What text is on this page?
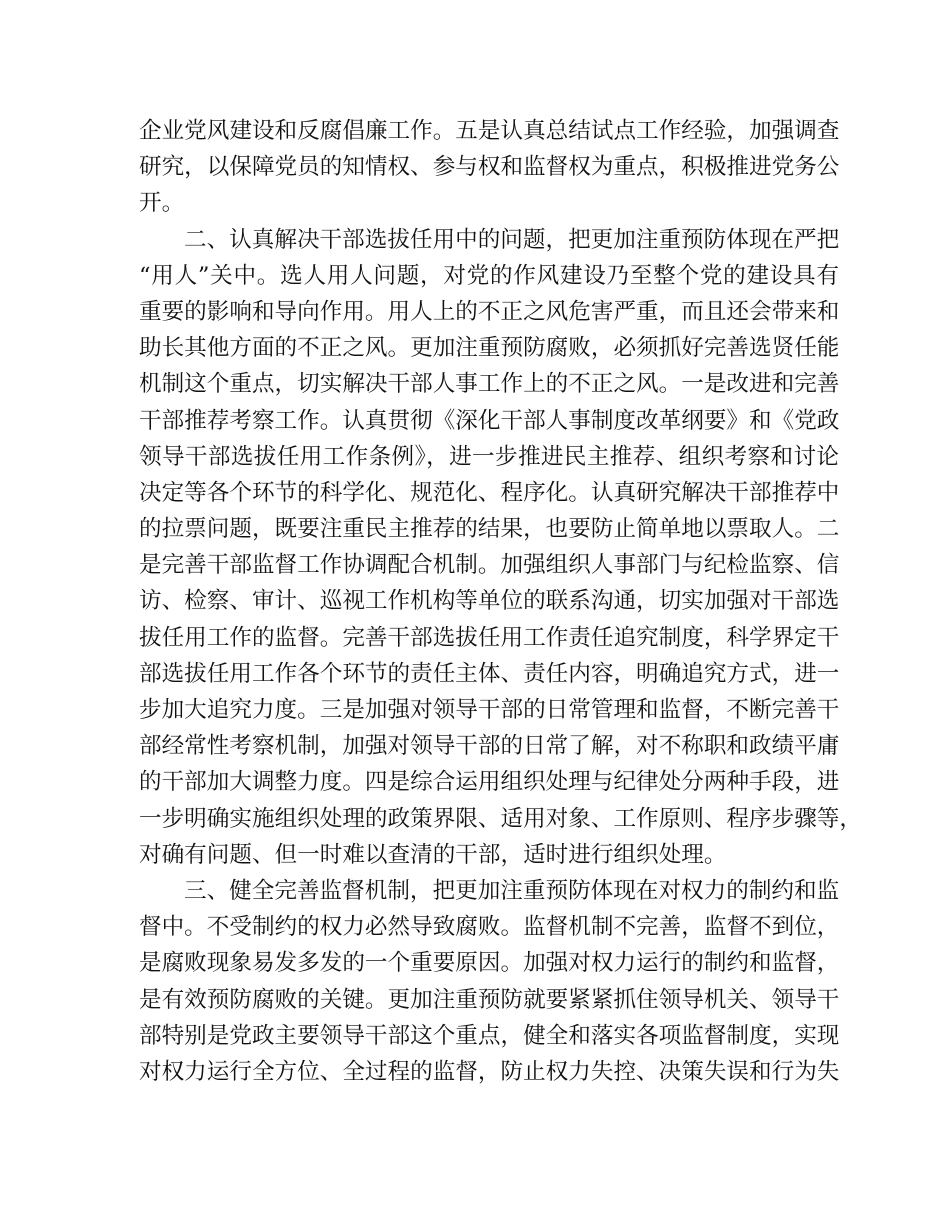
企业党风建设和反腐倡廉工作。五是认真总结试点工作经验，加强调查
研究，以保障党员的知情权、参与权和监督权为重点，积极推进党务公
开。
二、认真解决干部选拔任用中的问题，把更加注重预防体现在严把
“用人”关中。选人用人问题，对党的作风建设乃至整个党的建设具有
重要的影响和导向作用。用人上的不正之风危害严重，而且还会带来和
助长其他方面的不正之风。更加注重预防腐败，必须抓好完善选贤任能
机制这个重点，切实解决干部人事工作上的不正之风。一是改进和完善
干部推荐考察工作。认真贯彻《深化干部人事制度改革纲要》和《党政
领导干部选拔任用工作条例》，进一步推进民主推荐、组织考察和讨论
决定等各个环节的科学化、规范化、程序化。认真研究解决干部推荐中
的拉票问题，既要注重民主推荐的结果，也要防止简单地以票取人。二
是完善干部监督工作协调配合机制。加强组织人事部门与纪检监察、信
访、检察、审计、巡视工作机构等单位的联系沟通，切实加强对干部选
拔任用工作的监督。完善干部选拔任用工作责任追究制度，科学界定干
部选拔任用工作各个环节的责任主体、责任内容，明确追究方式，进一
步加大追究力度。三是加强对领导干部的日常管理和监督，不断完善干
部经常性考察机制，加强对领导干部的日常了解，对不称职和政绩平庸
的干部加大调整力度。四是综合运用组织处理与纪律处分两种手段，进
一步明确实施组织处理的政策界限、适用对象、工作原则、程序步骤等，
对确有问题、但一时难以查清的干部，适时进行组织处理。
三、健全完善监督机制，把更加注重预防体现在对权力的制约和监
督中。不受制约的权力必然导致腐败。监督机制不完善，监督不到位，
是腐败现象易发多发的一个重要原因。加强对权力运行的制约和监督，
是有效预防腐败的关键。更加注重预防就要紧紧抓住领导机关、领导干
部特别是党政主要领导干部这个重点，健全和落实各项监督制度，实现
对权力运行全方位、全过程的监督，防止权力失控、决策失误和行为失
